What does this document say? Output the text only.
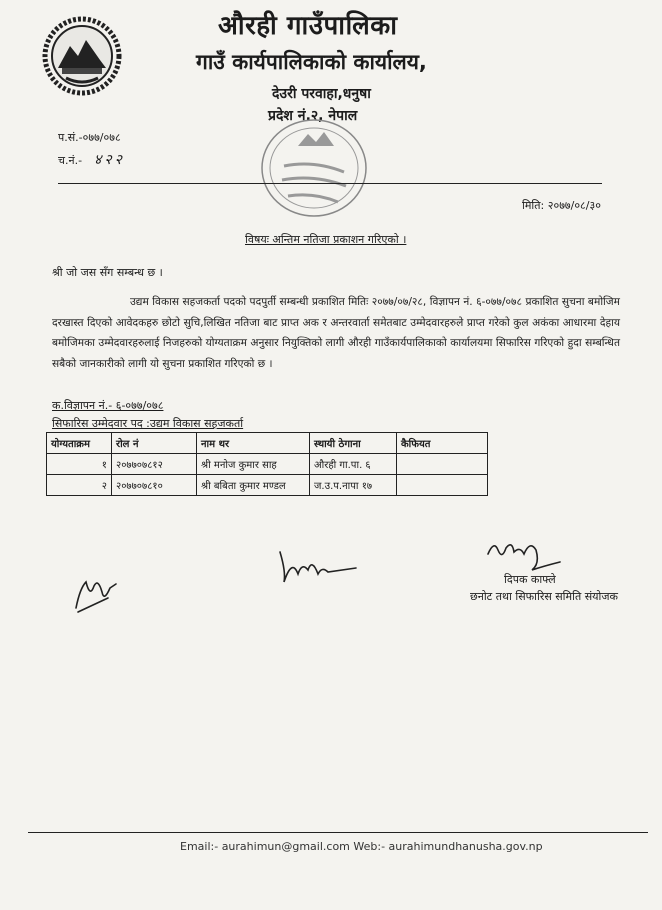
औरही गाउँपालिका
गाउँ कार्यपालिकाको कार्यालय,
देउरी परवाहा,धनुषा
प्रदेश नं.२, नेपाल
प.सं.-०७७/०७८
च.नं.- ४२२
मिति: २०७७/०८/३०
विषयः अन्तिम नतिजा प्रकाशन गरिएको ।
श्री जो जस सँग सम्बन्ध छ ।
उद्यम विकास सहजकर्ता पदको पदपुर्ती सम्बन्धी प्रकाशित मितिः २०७७/०७/२८, विज्ञापन नं. ६-०७७/०७८ प्रकाशित सुचना बमोजिम दरखास्त दिएको आवेदकहरु छोटो सुचि,लिखित नतिजा बाट प्राप्त अक र अन्तरवार्ता समेतबाट उम्मेदवारहरुले प्राप्त गरेको कुल अकंका आधारमा देहाय बमोजिमका उम्मेदवारहरुलाई निजहरुको योग्यताक्रम अनुसार नियुक्तिको लागी औरही गाउँकार्यपालिकाको कार्यालयमा सिफारिस गरिएको हुदा सम्बन्धित सबैको जानकारीको लागी यो सुचना प्रकाशित गरिएको छ ।
क.विज्ञापन नं.- ६-०७७/०७८
सिफारिस उम्मेदवार पद :उद्यम विकास सहजकर्ता
योग्यताक्रम	रोल नं	नाम थर	स्थायी ठेगाना	कैफियत
१	२०७७०७८१२	श्री मनोज कुमार साह	औरही गा.पा. ६	
२	२०७७०७८१०	श्री बबिता कुमार मण्डल	ज.उ.प.नापा १७	
दिपक काफ्ले
छनोट तथा सिफारिस समिति संयोजक
Email:- aurahimun@gmail.com Web:- aurahimundhanusha.gov.np
